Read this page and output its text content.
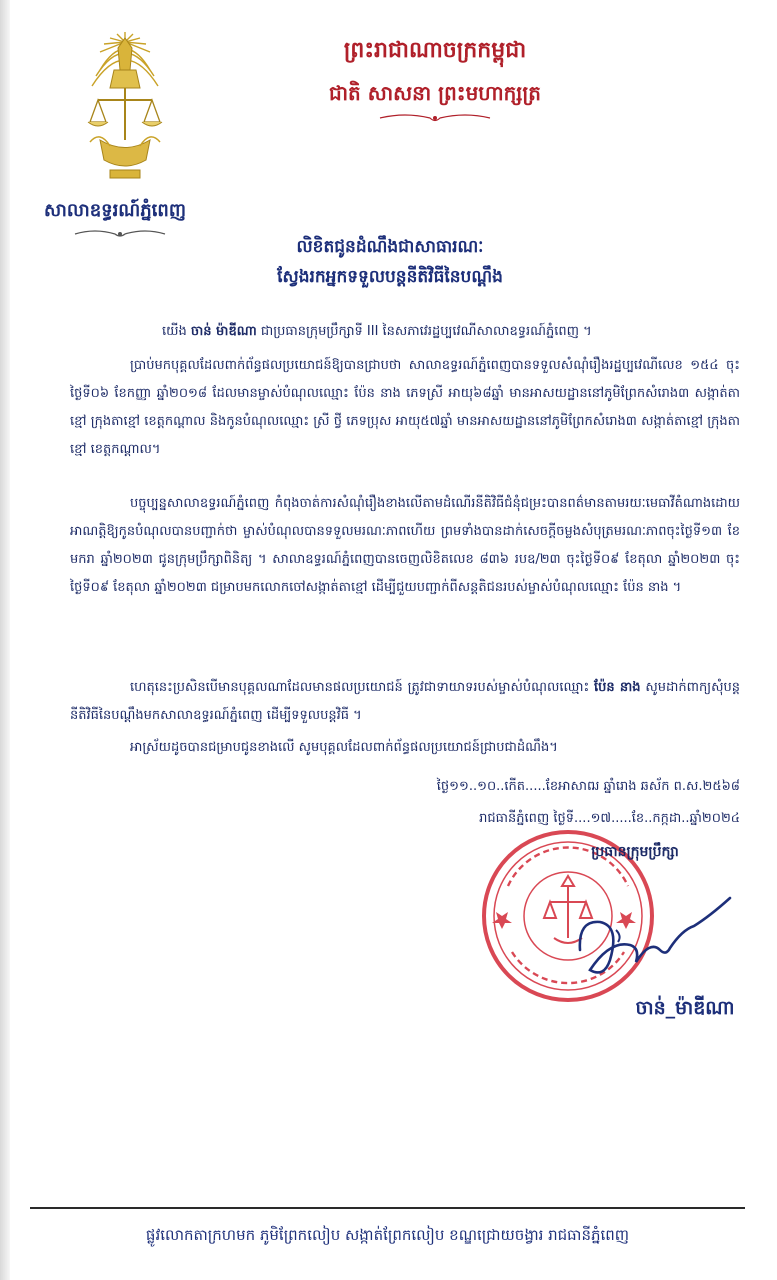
សាលាឧទ្ធរណ៍ភ្នំពេញ
ព្រះរាជាណាចក្រកម្ពុជា
ជាតិ សាសនា ព្រះមហាក្សត្រ
លិខិតជូនដំណឹងជាសាធារណៈ
ស្វែងរកអ្នកទទួលបន្តនីតិវិធីនៃបណ្ដឹង
យើង ចាន់ ម៉ាឌីណា ជាប្រធានក្រុមប្រឹក្សាទី III នៃសភាវេរដ្ឋប្បវេណីសាលាឧទ្ធរណ៍ភ្នំពេញ ។
ប្រាប់មកបុគ្គលដែលពាក់ព័ន្ធផលប្រយោជន៍ឱ្យបានជ្រាបថា សាលាឧទ្ធរណ៍ភ្នំពេញបានទទួលសំណុំរឿងរដ្ឋប្បវេណីលេខ ១៥៤ ចុះថ្ងៃទី០៦ ខែកញ្ញា ឆ្នាំ២០១៨ ដែលមានម្ចាស់បំណុលឈ្មោះ ប៉ែន នាង ភេទស្រី អាយុ៦៨ឆ្នាំ មានអាសយដ្ឋាននៅភូមិព្រែកសំរោង៣ សង្កាត់តាខ្មៅ ក្រុងតាខ្មៅ ខេត្តកណ្ដាល និងកូនបំណុលឈ្មោះ ស្រី ថ្វី ភេទប្រុស អាយុ៥៧ឆ្នាំ មានអាសយដ្ឋាននៅភូមិព្រែកសំរោង៣ សង្កាត់តាខ្មៅ ក្រុងតាខ្មៅ ខេត្តកណ្ដាល។
បច្ចុប្បន្នសាលាឧទ្ធរណ៍ភ្នំពេញ កំពុងចាត់ការសំណុំរឿងខាងលើតាមដំណើរនីតិវិធីជំនុំជម្រះបានពត៌មានតាមរយៈមេធាវីតំណាងដោយអាណត្តិឱ្យកូនបំណុលបានបញ្ជាក់ថា ម្ចាស់បំណុលបានទទួលមរណៈភាពហើយ ព្រមទាំងបានដាក់សេចក្តីចម្លងសំបុត្រមរណៈភាពចុះថ្ងៃទី១៣ ខែមករា ឆ្នាំ២០២៣ ជូនក្រុមប្រឹក្សាពិនិត្យ ។ សាលាឧទ្ធរណ៍ភ្នំពេញបានចេញលិខិតលេខ ៨៣៦ របឧ/២៣ ចុះថ្ងៃទី០៩ ខែតុលា ឆ្នាំ២០២៣ ចុះថ្ងៃទី០៩ ខែតុលា ឆ្នាំ២០២៣ ជម្រាបមកលោកចៅសង្កាត់តាខ្មៅ ដើម្បីជួយបញ្ជាក់ពីសន្តតិជនរបស់ម្ចាស់បំណុលឈ្មោះ ប៉ែន នាង ។
ហេតុនេះប្រសិនបើមានបុគ្គលណាដែលមានផលប្រយោជន៍ ត្រូវជាទាយាទរបស់ម្ចាស់បំណុលឈ្មោះ ប៉ែន នាង សូមដាក់ពាក្យសុំបន្តនីតិវិធីនៃបណ្ដឹងមកសាលាឧទ្ធរណ៍ភ្នំពេញ ដើម្បីទទួលបន្តវិធី ។
អាស្រ័យដូចបានជម្រាបជូនខាងលើ សូមបុគ្គលដែលពាក់ព័ន្ធផលប្រយោជន៍ជ្រាបជាដំណឹង។
ថ្ងៃ១១..១០..កើត.....ខែអាសាឍ ឆ្នាំរោង ឆស័ក ព.ស.២៥៦៨
រាជធានីភ្នំពេញ ថ្ងៃទី....១៧.....ខែ..កក្កដា..ឆ្នាំ២០២៤
ប្រធានក្រុមប្រឹក្សា
ចាន់_ម៉ាឌីណា
ផ្លូវលោកតាក្រហមក ភូមិព្រែកលៀប សង្កាត់ព្រែកលៀប ខណ្ឌជ្រោយចង្វារ រាជធានីភ្នំពេញ
